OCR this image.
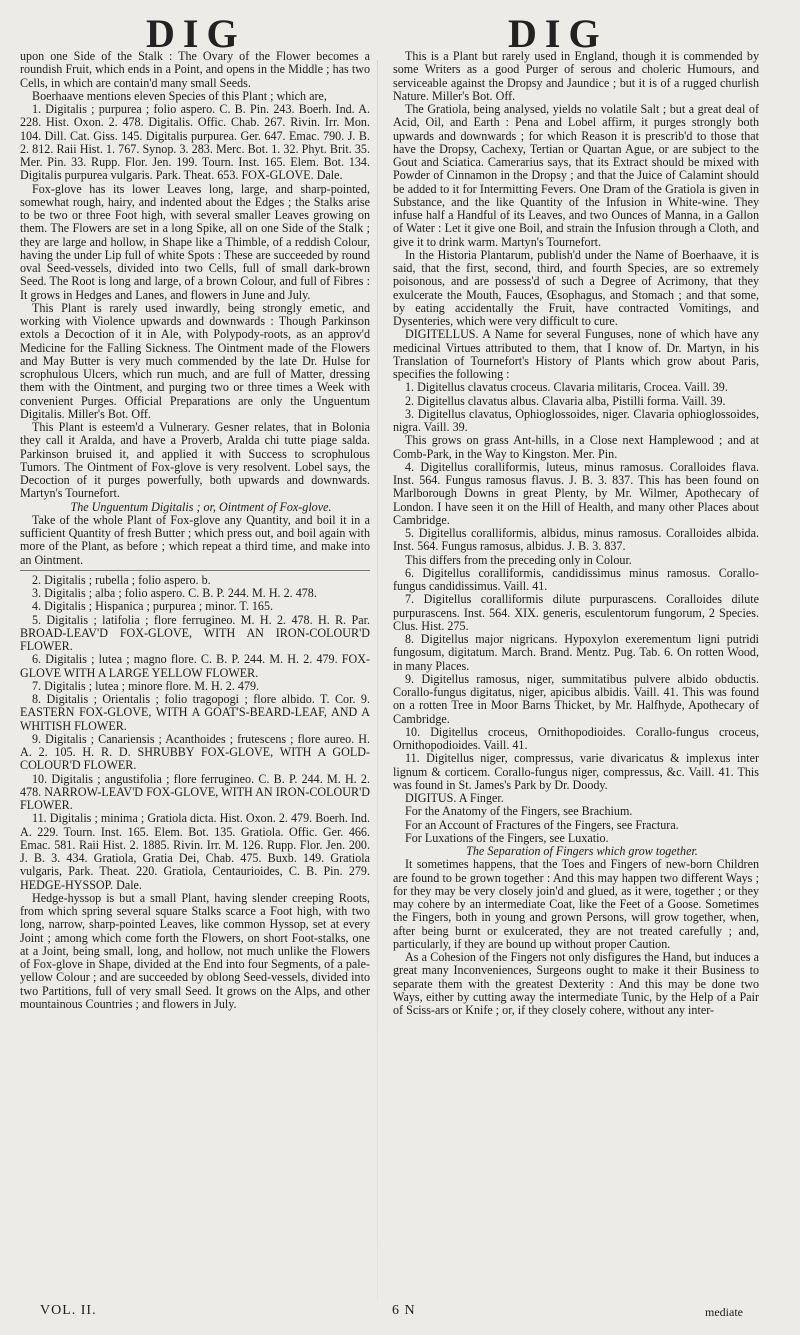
DIG	DIG

upon one Side of the Stalk : The Ovary of the Flower becomes a roundish Fruit, which ends in a Point, and opens in the Middle ; has two Cells, in which are contain'd many small Seeds.

Boerhaave mentions eleven Species of this Plant ; which are,

1. Digitalis ; purpurea ; folio aspero. C. B. Pin. 243. Boerh. Ind. A. 228. Hist. Oxon. 2. 478. Digitalis. Offic. Chab. 267. Rivin. Irr. Mon. 104. Dill. Cat. Giss. 145. Digitalis purpurea. Ger. 647. Emac. 790. J. B. 2. 812. Raii Hist. 1. 767. Synop. 3. 283. Merc. Bot. 1. 32. Phyt. Brit. 35. Mer. Pin. 33. Rupp. Flor. Jen. 199. Tourn. Inst. 165. Elem. Bot. 134. Digitalis purpurea vulgaris. Park. Theat. 653. FOX-GLOVE. Dale.

Fox-glove has its lower Leaves long, large, and sharp-pointed, somewhat rough, hairy, and indented about the Edges ; the Stalks arise to be two or three Foot high, with several smaller Leaves growing on them. The Flowers are set in a long Spike, all on one Side of the Stalk ; they are large and hollow, in Shape like a Thimble, of a reddish Colour, having the under Lip full of white Spots : These are succeeded by round oval Seed-vessels, divided into two Cells, full of small dark-brown Seed. The Root is long and large, of a brown Colour, and full of Fibres : It grows in Hedges and Lanes, and flowers in June and July.

This Plant is rarely used inwardly, being strongly emetic, and working with Violence upwards and downwards : Though Parkinson extols a Decoction of it in Ale, with Polypody-roots, as an approv'd Medicine for the Falling Sickness. The Ointment made of the Flowers and May Butter is very much commended by the late Dr. Hulse for scrophulous Ulcers, which run much, and are full of Matter, dressing them with the Ointment, and purging two or three times a Week with convenient Purges. Official Preparations are only the Unguentum Digitalis. Miller's Bot. Off.

This Plant is esteem'd a Vulnerary. Gesner relates, that in Bolonia they call it Aralda, and have a Proverb, Aralda chi tutte piage salda. Parkinson bruised it, and applied it with Success to scrophulous Tumors. The Ointment of Fox-glove is very resolvent. Lobel says, the Decoction of it purges powerfully, both upwards and downwards. Martyn's Tournefort.

The Unguentum Digitalis ; or, Ointment of Fox-glove.

Take of the whole Plant of Fox-glove any Quantity, and boil it in a sufficient Quantity of fresh Butter ; which press out, and boil again with more of the Plant, as before ; which repeat a third time, and make into an Ointment.

2. Digitalis ; rubella ; folio aspero. b.

3. Digitalis ; alba ; folio aspero. C. B. P. 244. M. H. 2. 478.

4. Digitalis ; Hispanica ; purpurea ; minor. T. 165.

5. Digitalis ; latifolia ; flore ferrugineo. M. H. 2. 478. H. R. Par. BROAD-LEAV'D FOX-GLOVE, WITH AN IRON-COLOUR'D FLOWER.

6. Digitalis ; lutea ; magno flore. C. B. P. 244. M. H. 2. 479. FOX-GLOVE WITH A LARGE YELLOW FLOWER.

7. Digitalis ; lutea ; minore flore. M. H. 2. 479.

8. Digitalis ; Orientalis ; folio tragopogi ; flore albido. T. Cor. 9. EASTERN FOX-GLOVE, WITH A GOAT'S-BEARD-LEAF, AND A WHITISH FLOWER.

9. Digitalis ; Canariensis ; Acanthoides ; frutescens ; flore aureo. H. A. 2. 105. H. R. D. SHRUBBY FOX-GLOVE, WITH A GOLD-COLOUR'D FLOWER.

10. Digitalis ; angustifolia ; flore ferrugineo. C. B. P. 244. M. H. 2. 478. NARROW-LEAV'D FOX-GLOVE, WITH AN IRON-COLOUR'D FLOWER.

11. Digitalis ; minima ; Gratiola dicta. Hist. Oxon. 2. 479. Boerh. Ind. A. 229. Tourn. Inst. 165. Elem. Bot. 135. Gratiola. Offic. Ger. 466. Emac. 581. Raii Hist. 2. 1885. Rivin. Irr. M. 126. Rupp. Flor. Jen. 200. J. B. 3. 434. Gratiola, Gratia Dei, Chab. 475. Buxb. 149. Gratiola vulgaris, Park. Theat. 220. Gratiola, Centaurioides, C. B. Pin. 279. HEDGE-HYSSOP. Dale.

Hedge-hyssop is but a small Plant, having slender creeping Roots, from which spring several square Stalks scarce a Foot high, with two long, narrow, sharp-pointed Leaves, like common Hyssop, set at every Joint ; among which come forth the Flowers, on short Foot-stalks, one at a Joint, being small, long, and hollow, not much unlike the Flowers of Fox-glove in Shape, divided at the End into four Segments, of a pale-yellow Colour ; and are succeeded by oblong Seed-vessels, divided into two Partitions, full of very small Seed. It grows on the Alps, and other mountainous Countries ; and flowers in July.

This is a Plant but rarely used in England, though it is commended by some Writers as a good Purger of serous and choleric Humours, and serviceable against the Dropsy and Jaundice ; but it is of a rugged churlish Nature. Miller's Bot. Off.

The Gratiola, being analysed, yields no volatile Salt ; but a great deal of Acid, Oil, and Earth : Pena and Lobel affirm, it purges strongly both upwards and downwards ; for which Reason it is prescrib'd to those that have the Dropsy, Cachexy, Tertian or Quartan Ague, or are subject to the Gout and Sciatica. Camerarius says, that its Extract should be mixed with Powder of Cinnamon in the Dropsy ; and that the Juice of Calamint should be added to it for Intermitting Fevers. One Dram of the Gratiola is given in Substance, and the like Quantity of the Infusion in White-wine. They infuse half a Handful of its Leaves, and two Ounces of Manna, in a Gallon of Water : Let it give one Boil, and strain the Infusion through a Cloth, and give it to drink warm. Martyn's Tournefort.

In the Historia Plantarum, publish'd under the Name of Boerhaave, it is said, that the first, second, third, and fourth Species, are so extremely poisonous, and are possess'd of such a Degree of Acrimony, that they exulcerate the Mouth, Fauces, Œsophagus, and Stomach ; and that some, by eating accidentally the Fruit, have contracted Vomitings, and Dysenteries, which were very difficult to cure.

DIGITELLUS. A Name for several Funguses, none of which have any medicinal Virtues attributed to them, that I know of. Dr. Martyn, in his Translation of Tournefort's History of Plants which grow about Paris, specifies the following :

1. Digitellus clavatus croceus. Clavaria militaris, Crocea. Vaill. 39.

2. Digitellus clavatus albus. Clavaria alba, Pistilli forma. Vaill. 39.

3. Digitellus clavatus, Ophioglossoides, niger. Clavaria ophioglossoides, nigra. Vaill. 39.

This grows on grass Ant-hills, in a Close next Hamplewood ; and at Comb-Park, in the Way to Kingston. Mer. Pin.

4. Digitellus coralliformis, luteus, minus ramosus. Coralloides flava. Inst. 564. Fungus ramosus flavus. J. B. 3. 837. This has been found on Marlborough Downs in great Plenty, by Mr. Wilmer, Apothecary of London. I have seen it on the Hill of Health, and many other Places about Cambridge.

5. Digitellus coralliformis, albidus, minus ramosus. Coralloides albida. Inst. 564. Fungus ramosus, albidus. J. B. 3. 837.

This differs from the preceding only in Colour.

6. Digitellus coralliformis, candidissimus minus ramosus. Corallo-fungus candidissimus. Vaill. 41.

7. Digitellus coralliformis dilute purpurascens. Coralloides dilute purpurascens. Inst. 564. XIX. generis, esculentorum fungorum, 2 Species. Clus. Hist. 275.

8. Digitellus major nigricans. Hypoxylon exerementum ligni putridi fungosum, digitatum. March. Brand. Mentz. Pug. Tab. 6. On rotten Wood, in many Places.

9. Digitellus ramosus, niger, summitatibus pulvere albido obductis. Corallo-fungus digitatus, niger, apicibus albidis. Vaill. 41. This was found on a rotten Tree in Moor Barns Thicket, by Mr. Halfhyde, Apothecary of Cambridge.

10. Digitellus croceus, Ornithopodioides. Corallo-fungus croceus, Ornithopodioides. Vaill. 41.

11. Digitellus niger, compressus, varie divaricatus & implexus inter lignum & corticem. Corallo-fungus niger, compressus, &c. Vaill. 41. This was found in St. James's Park by Dr. Doody.

DIGITUS. A Finger.

For the Anatomy of the Fingers, see Brachium.

For an Account of Fractures of the Fingers, see Fractura.

For Luxations of the Fingers, see Luxatio.

The Separation of Fingers which grow together.

It sometimes happens, that the Toes and Fingers of new-born Children are found to be grown together : And this may happen two different Ways ; for they may be very closely join'd and glued, as it were, together ; or they may cohere by an intermediate Coat, like the Feet of a Goose. Sometimes the Fingers, both in young and grown Persons, will grow together, when, after being burnt or exulcerated, they are not treated carefully ; and, particularly, if they are bound up without proper Caution.

As a Cohesion of the Fingers not only disfigures the Hand, but induces a great many Inconveniences, Surgeons ought to make it their Business to separate them with the greatest Dexterity : And this may be done two Ways, either by cutting away the intermediate Tunic, by the Help of a Pair of Sciss-ars or Knife ; or, if they closely cohere, without any inter-

VOL. II.	6 N	mediate
